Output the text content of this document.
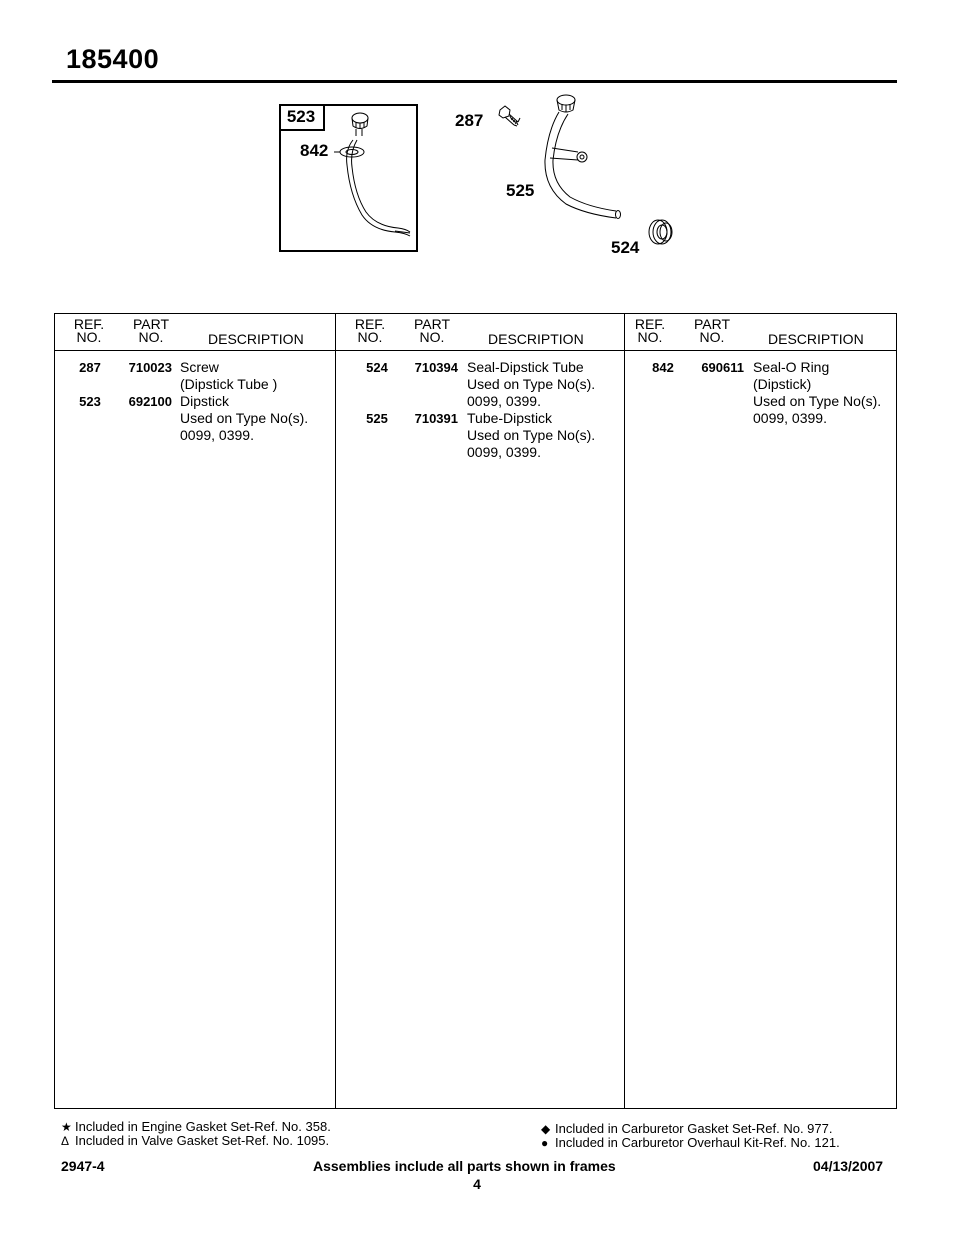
185400
523
842
287
525
524
REF.
NO.
PART
NO.	DESCRIPTION
REF.
NO.
PART
NO.	DESCRIPTION
REF.
NO.
PART
NO.	DESCRIPTION
287	710023 Screw
(Dipstick Tube )
523	692100 Dipstick
Used on Type No(s).
0099, 0399.
524	710394 Seal-Dipstick Tube
Used on Type No(s).
0099, 0399.
525	710391 Tube-Dipstick
Used on Type No(s).
0099, 0399.
842	690611 Seal-O Ring
(Dipstick)
Used on Type No(s).
0099, 0399.
★ Included in Engine Gasket Set-Ref. No. 358.
Δ Included in Valve Gasket Set-Ref. No. 1095.
◆ Included in Carburetor Gasket Set-Ref. No. 977.
● Included in Carburetor Overhaul Kit-Ref. No. 121.
2947-4	Assemblies include all parts shown in frames	04/13/2007
4
